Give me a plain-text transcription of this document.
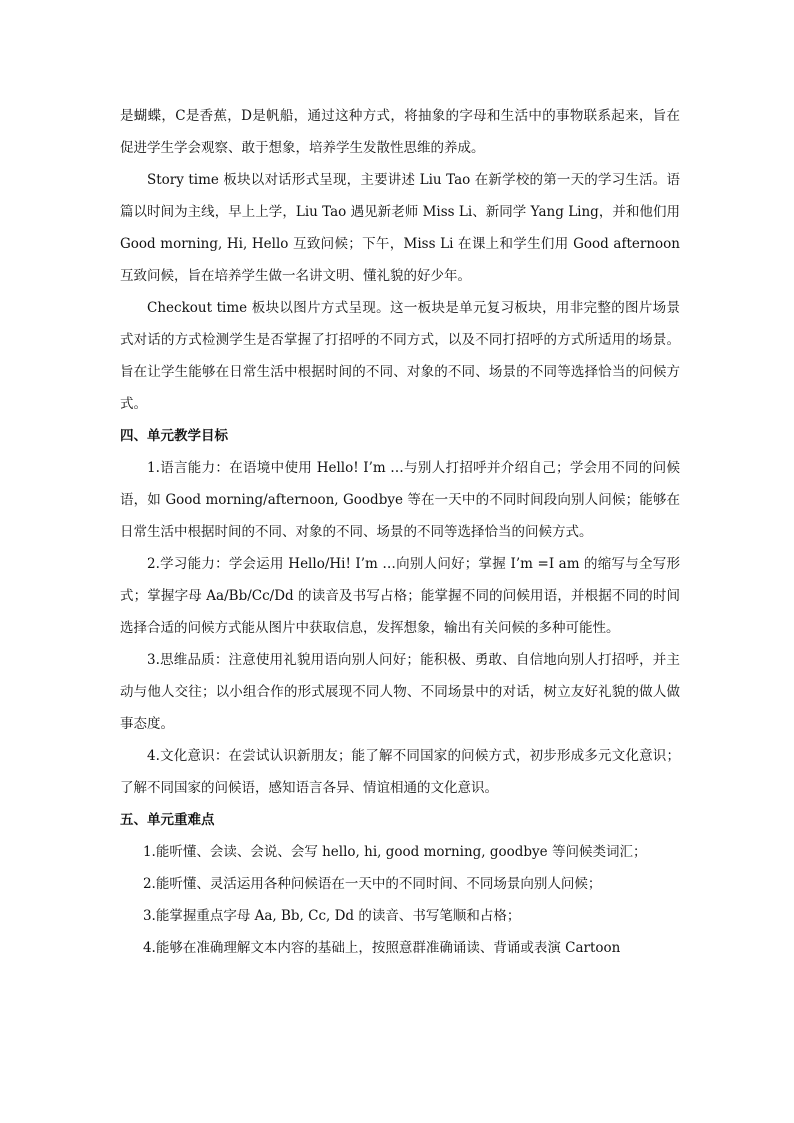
是蝴蝶，C是香蕉，D是帆船，通过这种方式，将抽象的字母和生活中的事物联系起来，旨在促进学生学会观察、敢于想象，培养学生发散性思维的养成。

Story time 板块以对话形式呈现，主要讲述 Liu Tao 在新学校的第一天的学习生活。语篇以时间为主线，早上上学，Liu Tao 遇见新老师 Miss Li、新同学 Yang Ling，并和他们用 Good morning, Hi, Hello 互致问候；下午，Miss Li 在课上和学生们用 Good afternoon 互致问候，旨在培养学生做一名讲文明、懂礼貌的好少年。

Checkout time 板块以图片方式呈现。这一板块是单元复习板块，用非完整的图片场景式对话的方式检测学生是否掌握了打招呼的不同方式，以及不同打招呼的方式所适用的场景。旨在让学生能够在日常生活中根据时间的不同、对象的不同、场景的不同等选择恰当的问候方式。

四、单元教学目标

1.语言能力：在语境中使用 Hello! I’m …与别人打招呼并介绍自己；学会用不同的问候语，如 Good morning/afternoon, Goodbye 等在一天中的不同时间段向别人问候；能够在日常生活中根据时间的不同、对象的不同、场景的不同等选择恰当的问候方式。

2.学习能力：学会运用 Hello/Hi! I’m …向别人问好；掌握 I’m =I am 的缩写与全写形式；掌握字母 Aa/Bb/Cc/Dd 的读音及书写占格；能掌握不同的问候用语，并根据不同的时间选择合适的问候方式能从图片中获取信息，发挥想象，输出有关问候的多种可能性。

3.思维品质：注意使用礼貌用语向别人问好；能积极、勇敢、自信地向别人打招呼，并主动与他人交往；以小组合作的形式展现不同人物、不同场景中的对话，树立友好礼貌的做人做事态度。

4.文化意识：在尝试认识新朋友；能了解不同国家的问候方式，初步形成多元文化意识；了解不同国家的问候语，感知语言各异、情谊相通的文化意识。

五、单元重难点

1.能听懂、会读、会说、会写 hello, hi, good morning, goodbye 等问候类词汇；

2.能听懂、灵活运用各种问候语在一天中的不同时间、不同场景向别人问候；

3.能掌握重点字母 Aa, Bb, Cc, Dd 的读音、书写笔顺和占格；

4.能够在准确理解文本内容的基础上，按照意群准确诵读、背诵或表演 Cartoon
